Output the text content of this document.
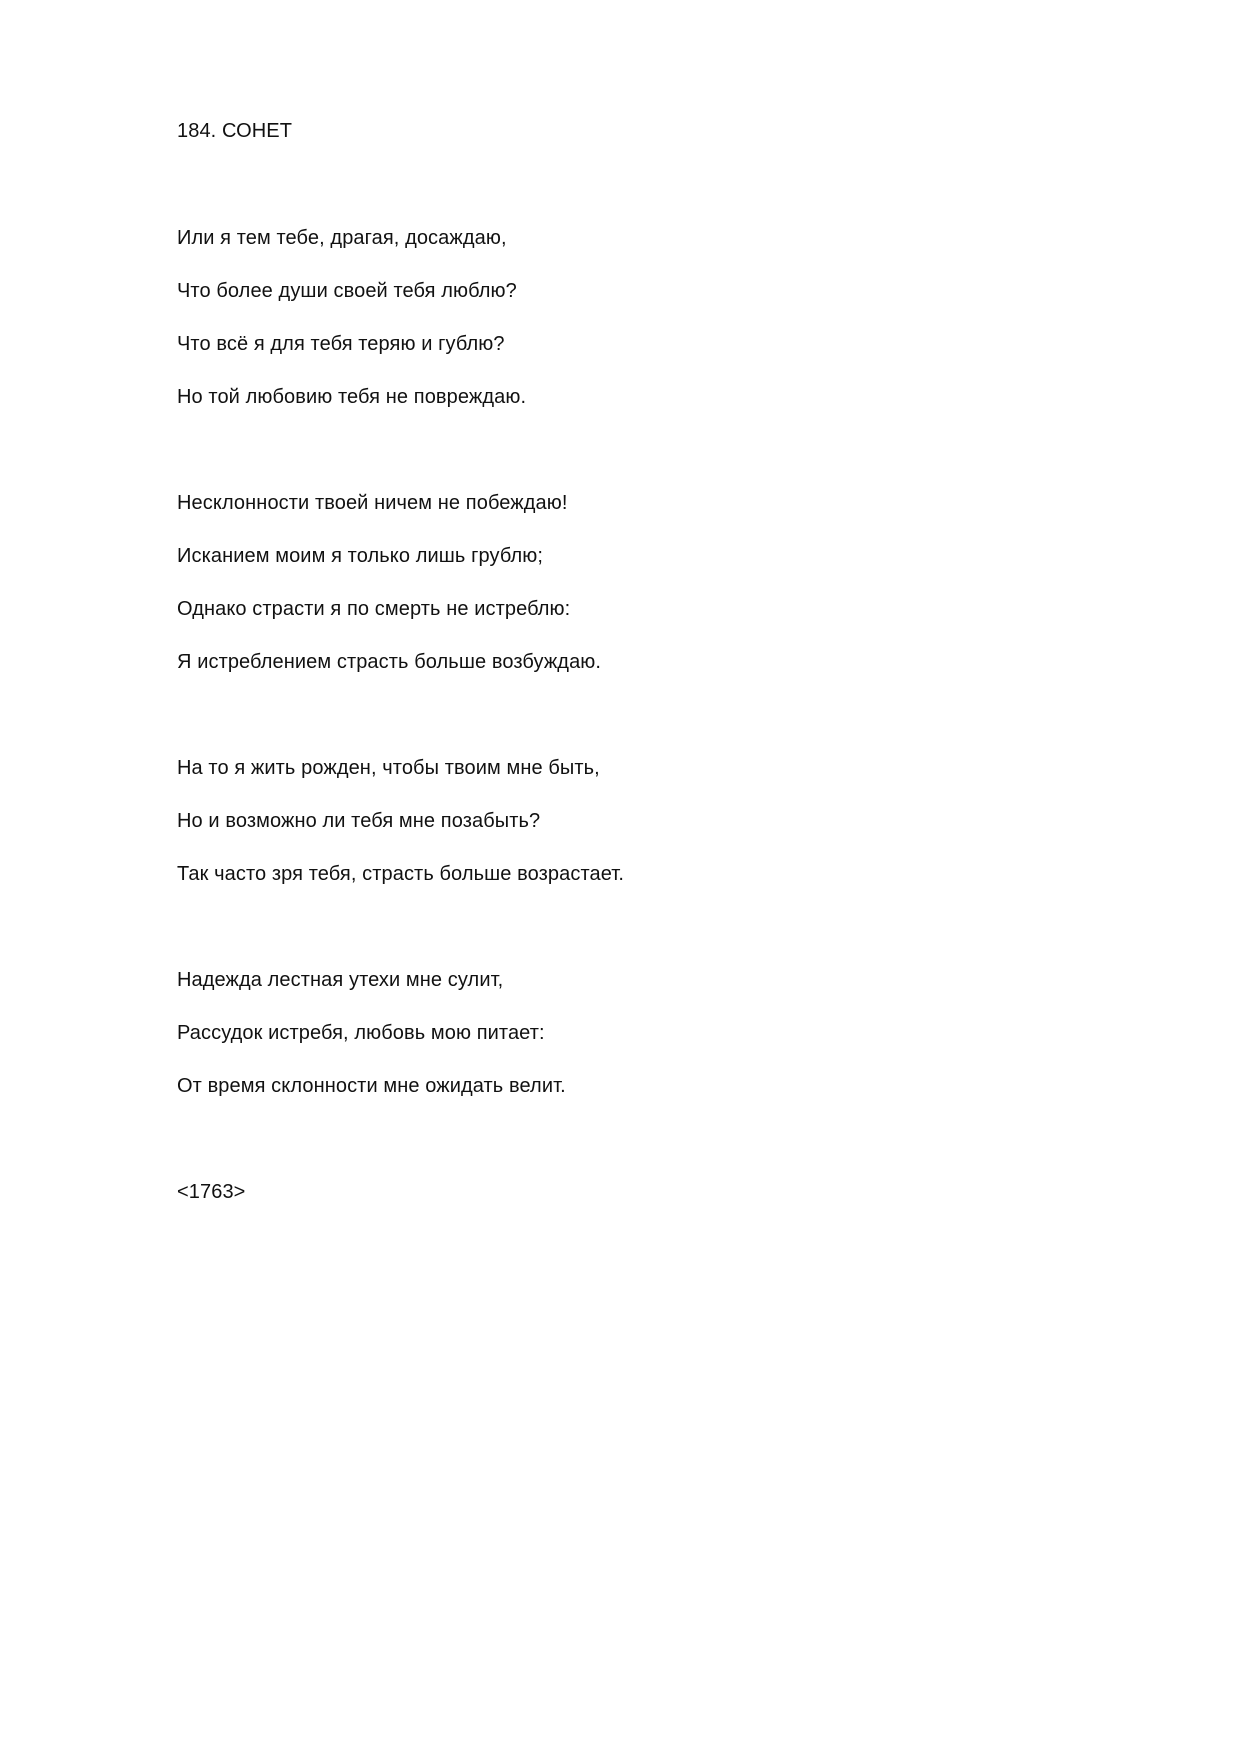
184. СОНЕТ
Или я тем тебе, драгая, досаждаю,
Что более души своей тебя люблю?
Что всё я для тебя теряю и гублю?
Но той любовию тебя не повреждаю.
Несклонности твоей ничем не побеждаю!
Исканием моим я только лишь грублю;
Однако страсти я по смерть не истреблю:
Я истреблением страсть больше возбуждаю.
На то я жить рожден, чтобы твоим мне быть,
Но и возможно ли тебя мне позабыть?
Так часто зря тебя, страсть больше возрастает.
Надежда лестная утехи мне сулит,
Рассудок истребя, любовь мою питает:
От время склонности мне ожидать велит.
<1763>
